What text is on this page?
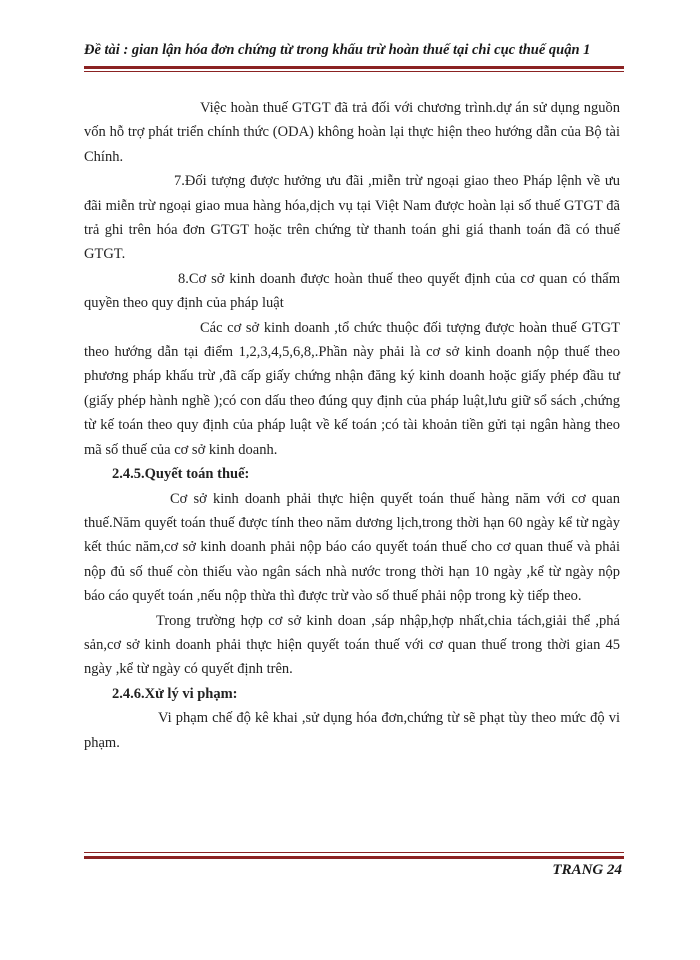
Đề tài : gian lận hóa đơn chứng từ trong khấu trừ hoàn thuế tại chi cục thuế quận 1

Việc hoàn thuế GTGT đã trả đối với chương trình.dự án sử dụng nguồn vốn hỗ trợ phát triển chính thức (ODA) không hoàn lại thực hiện theo hướng dẫn của Bộ tài Chính.

7.Đối tượng được hưởng ưu đãi ,miễn trừ ngoại giao theo Pháp lệnh về ưu đãi miễn trừ ngoại giao mua hàng hóa,dịch vụ tại Việt Nam được hoàn lại số thuế GTGT đã trả ghi trên hóa đơn GTGT hoặc trên chứng từ thanh toán ghi giá thanh toán đã có thuế GTGT.

8.Cơ sở kinh doanh được hoàn thuế theo quyết định của cơ quan có thẩm quyền theo quy định của pháp luật

Các cơ sở kinh doanh ,tổ chức thuộc đối tượng được hoàn thuế GTGT theo hướng dẫn tại điểm 1,2,3,4,5,6,8,.Phần này phải là cơ sở kinh doanh nộp thuế theo phương pháp khấu trừ ,đã cấp giấy chứng nhận đăng ký kinh doanh hoặc giấy phép đầu tư (giấy phép hành nghề );có con dấu theo đúng quy định của pháp luật,lưu giữ sổ sách ,chứng từ kế toán theo quy định của pháp luật về kế toán ;có tài khoản tiền gửi tại ngân hàng theo mã số thuế của cơ sở kinh doanh.

2.4.5.Quyết toán thuế:

Cơ sở kinh doanh phải thực hiện quyết toán thuế hàng năm với cơ quan thuế.Năm quyết toán thuế được tính theo năm dương lịch,trong thời hạn 60 ngày kể từ ngày kết thúc năm,cơ sở kinh doanh phải nộp báo cáo quyết toán thuế cho cơ quan thuế và phải nộp đủ số thuế còn thiếu vào ngân sách nhà nước trong thời hạn 10 ngày ,kể từ ngày nộp báo cáo quyết toán ,nếu nộp thừa thì được trừ vào số thuế phải nộp trong kỳ tiếp theo.

Trong trường hợp cơ sở kinh doan ,sáp nhập,hợp nhất,chia tách,giải thể ,phá sản,cơ sở kinh doanh phải thực hiện quyết toán thuế với cơ quan thuế trong thời gian 45 ngày ,kể từ ngày có quyết định trên.

2.4.6.Xử lý vi phạm:

Vi phạm chế độ kê khai ,sử dụng hóa đơn,chứng từ sẽ phạt tùy theo mức độ vi phạm.

TRANG 24
